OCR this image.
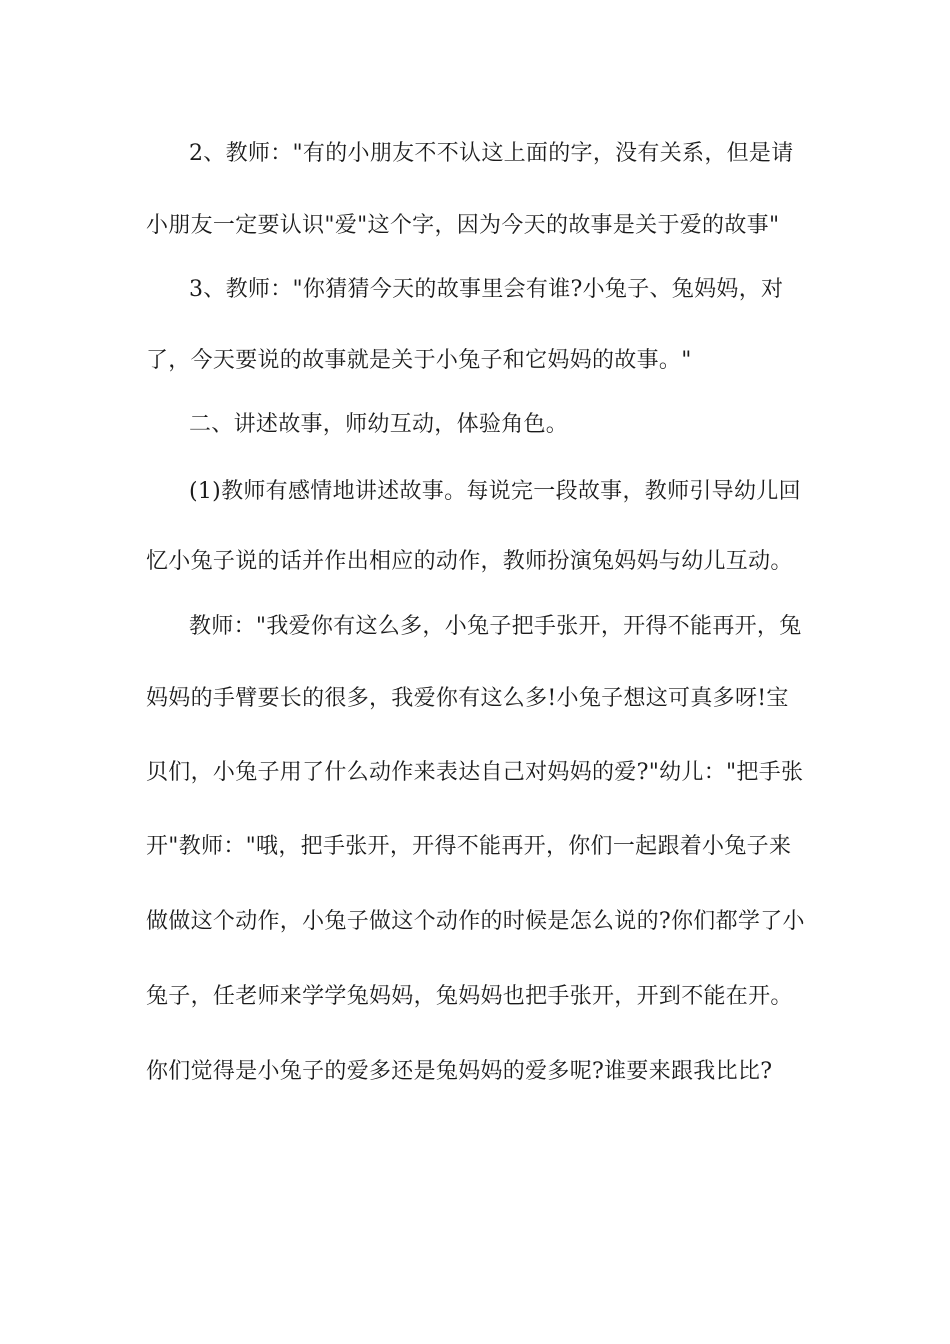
2、教师："有的小朋友不不认这上面的字，没有关系，但是请
小朋友一定要认识"爱"这个字，因为今天的故事是关于爱的故事"
3、教师："你猜猜今天的故事里会有谁?小兔子、兔妈妈，对
了，今天要说的故事就是关于小兔子和它妈妈的故事。"
二、讲述故事，师幼互动，体验角色。
(1)教师有感情地讲述故事。每说完一段故事，教师引导幼儿回
忆小兔子说的话并作出相应的动作，教师扮演兔妈妈与幼儿互动。
教师："我爱你有这么多，小兔子把手张开，开得不能再开，兔
妈妈的手臂要长的很多，我爱你有这么多!小兔子想这可真多呀!宝
贝们，小兔子用了什么动作来表达自己对妈妈的爱?"幼儿："把手张
开"教师："哦，把手张开，开得不能再开，你们一起跟着小兔子来
做做这个动作，小兔子做这个动作的时候是怎么说的?你们都学了小
兔子，任老师来学学兔妈妈，兔妈妈也把手张开，开到不能在开。
你们觉得是小兔子的爱多还是兔妈妈的爱多呢?谁要来跟我比比?
